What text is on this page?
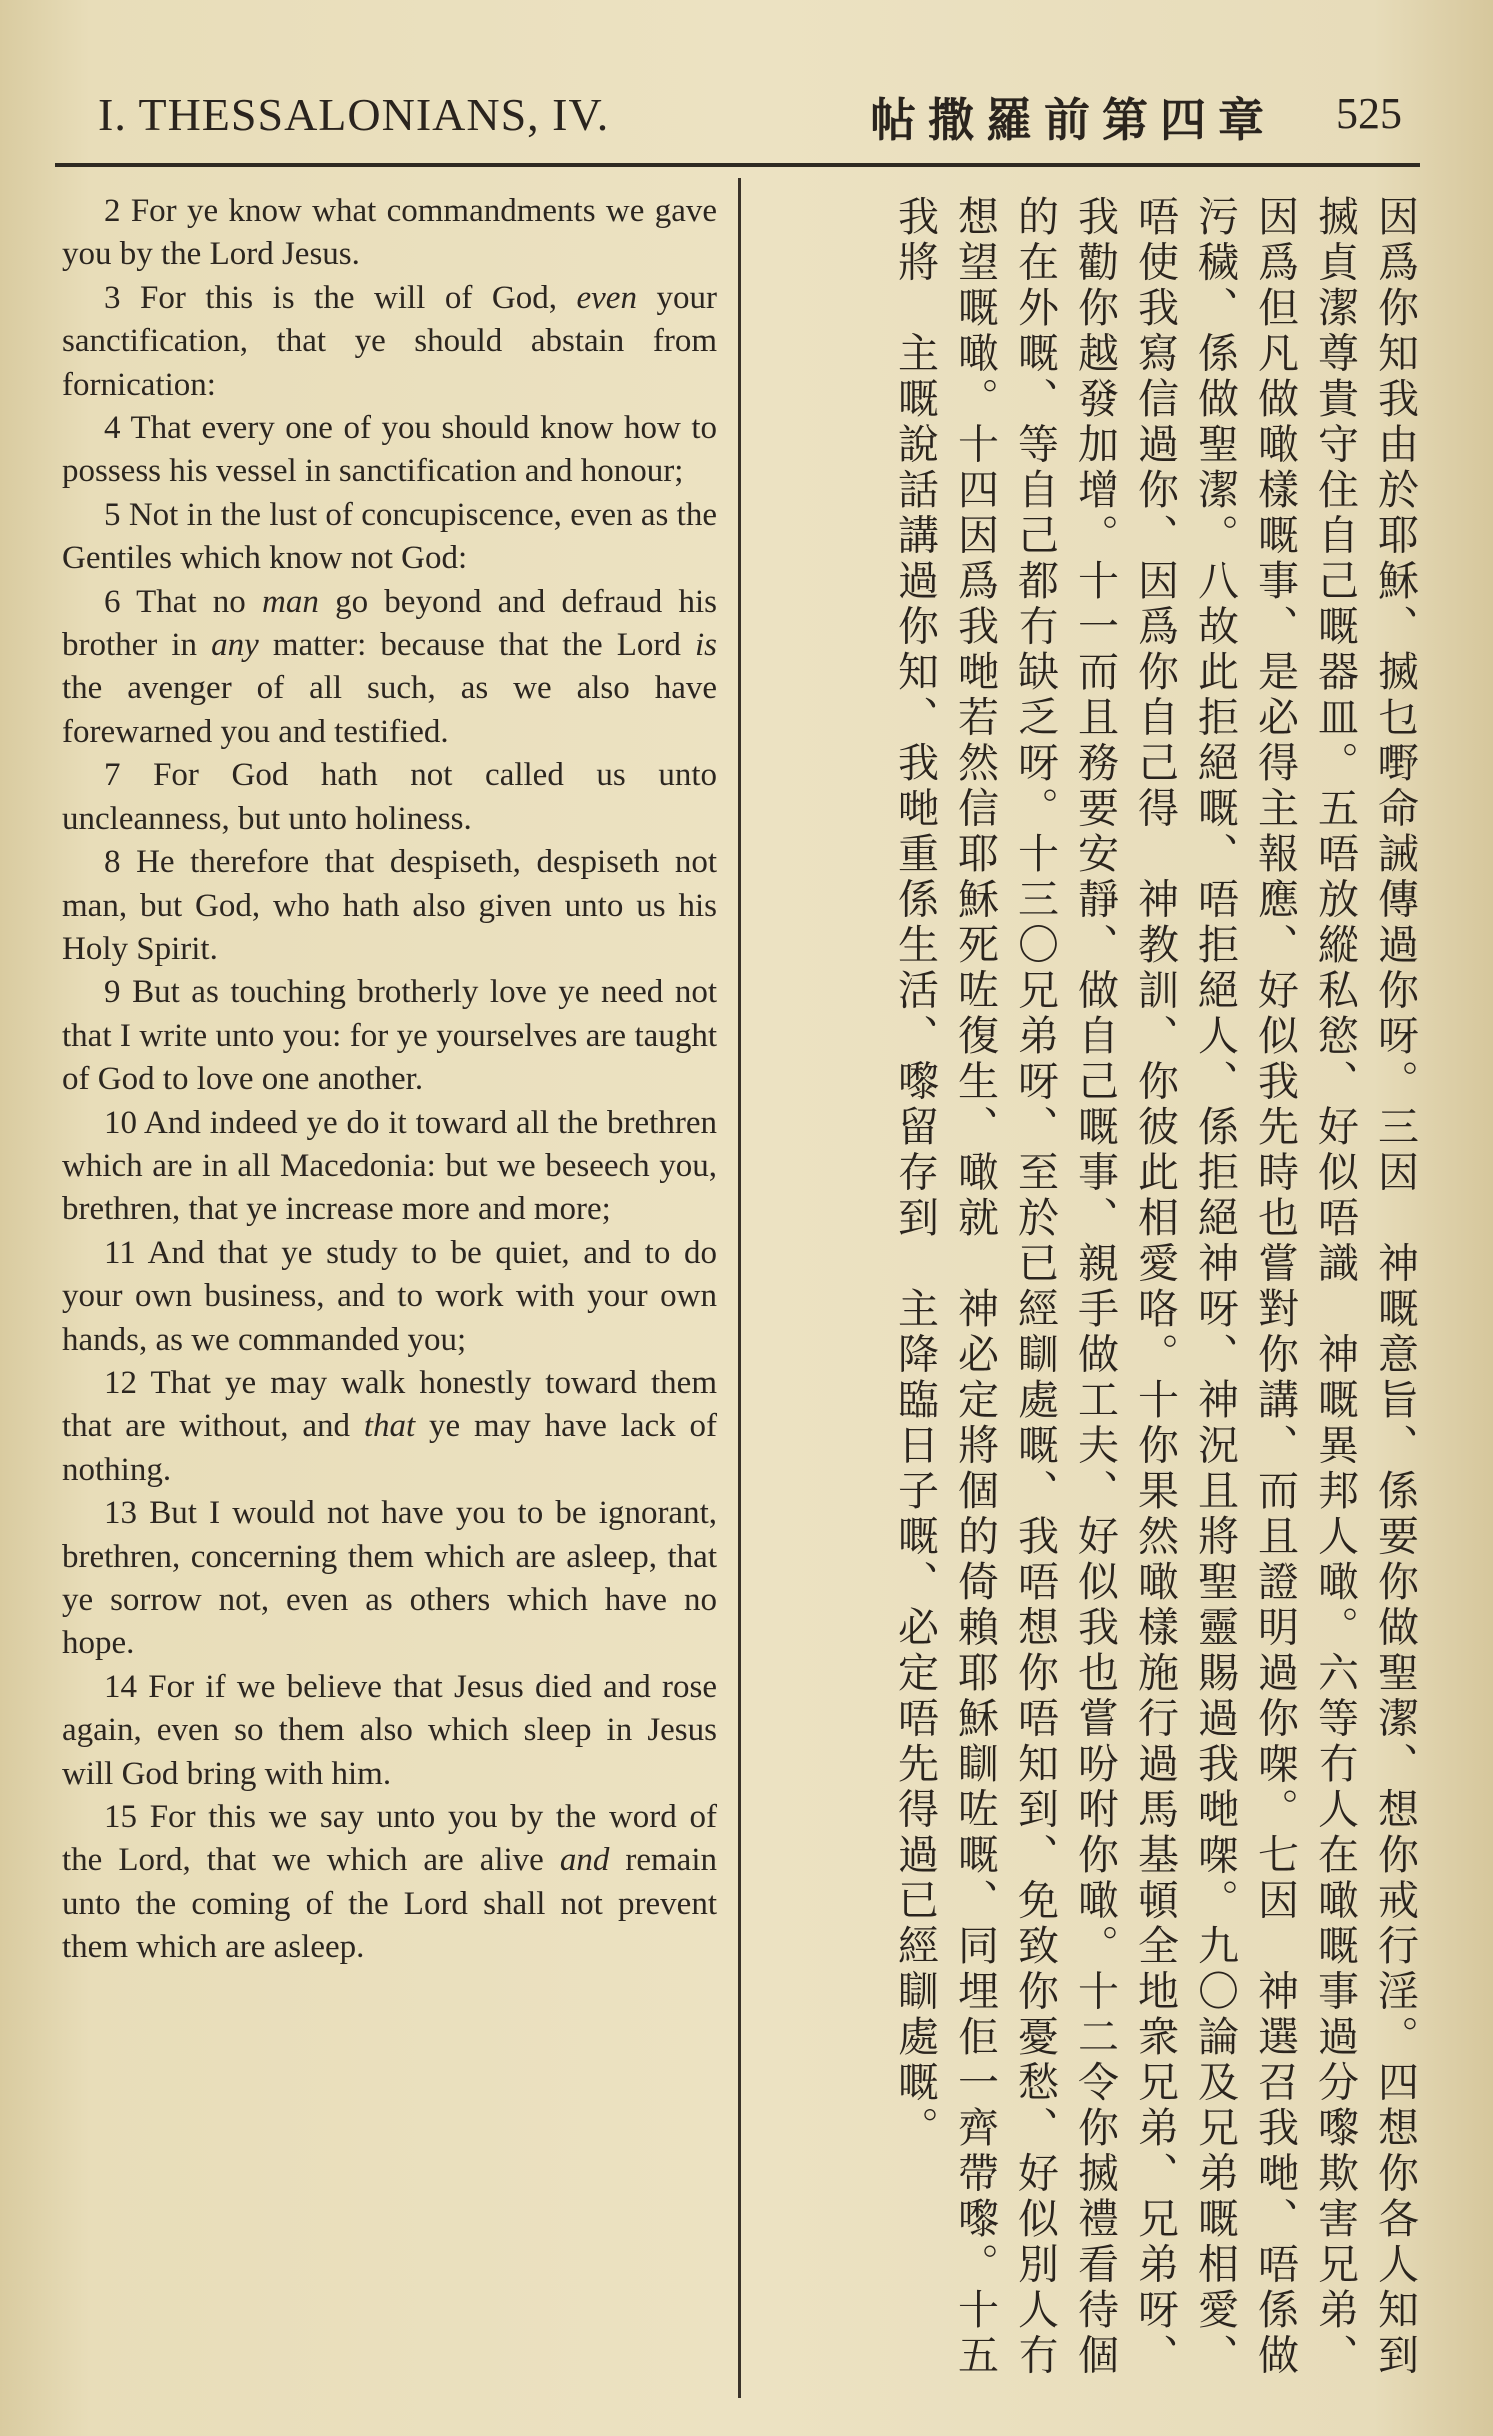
I. THESSALONIANS, IV.	帖撒羅前第四章 525
2 For ye know what commandments we gave you by the Lord Jesus.
3 For this is the will of God, even your sanctification, that ye should abstain from fornication:
4 That every one of you should know how to possess his vessel in sanctification and honour;
5 Not in the lust of concupiscence, even as the Gentiles which know not God:
6 That no man go beyond and defraud his brother in any matter: because that the Lord is the avenger of all such, as we also have forewarned you and testified.
7 For God hath not called us unto uncleanness, but unto holiness.
8 He therefore that despiseth, despiseth not man, but God, who hath also given unto us his Holy Spirit.
9 But as touching brotherly love ye need not that I write unto you: for ye yourselves are taught of God to love one another.
10 And indeed ye do it toward all the brethren which are in all Macedonia: but we beseech you, brethren, that ye increase more and more;
11 And that ye study to be quiet, and to do your own business, and to work with your own hands, as we commanded you;
12 That ye may walk honestly toward them that are without, and that ye may have lack of nothing.
13 But I would not have you to be ignorant, brethren, concerning them which are asleep, that ye sorrow not, even as others which have no hope.
14 For if we believe that Jesus died and rose again, even so them also which sleep in Jesus will God bring with him.
15 For this we say unto you by the word of the Lord, that we which are alive and remain unto the coming of the Lord shall not prevent them which are asleep.	因爲你知我由於耶穌、搣乜嘢命誡傳過你呀。三因　神嘅意旨、係要你做聖潔、想你戒行淫。四想你各人知到搣貞潔尊貴守住自己嘅器皿。五唔放縱私慾、好似唔識　神嘅異邦人噉。六等冇人在噉嘅事過分嚟欺害兄弟、因爲但凡做噉樣嘅事、是必得主報應、好似我先時也嘗對你講、而且證明過你㗎。七因　神選召我哋、唔係做污穢、係做聖潔。八故此拒絕嘅、唔拒絕人、係拒絕神呀、神況且將聖靈賜過我哋㗎。九〇論及兄弟嘅相愛、唔使我寫信過你、因爲你自己得　神教訓、你彼此相愛咯。十你果然噉樣施行過馬基頓全地衆兄弟、兄弟呀、我勸你越發加增。十一而且務要安靜、做自己嘅事、親手做工夫、好似我也嘗吩咐你噉。十二令你搣禮看待個的在外嘅、等自己都冇缺乏呀。十三〇兄弟呀、至於已經瞓處嘅、我唔想你唔知到、免致你憂愁、好似別人冇想望嘅噉。十四因爲我哋若然信耶穌死咗復生、噉就　神必定將個的倚賴耶穌瞓咗嘅、同埋佢一齊帶嚟。十五我將　主嘅說話講過你知、我哋重係生活、嚟留存到　主降臨日子嘅、必定唔先得過已經瞓處嘅。
